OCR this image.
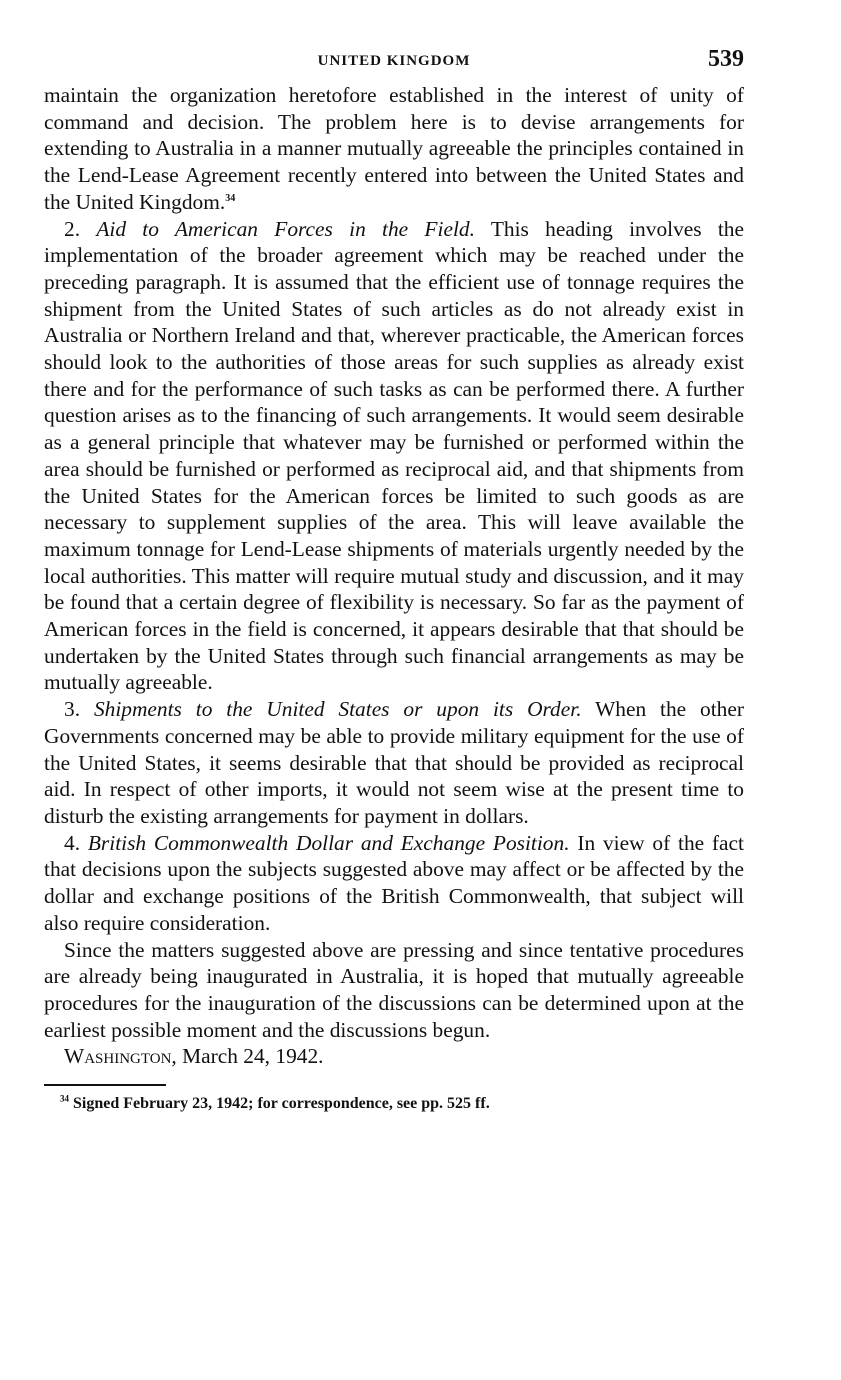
UNITED KINGDOM	539

maintain the organization heretofore established in the interest of unity of command and decision. The problem here is to devise arrangements for extending to Australia in a manner mutually agreeable the principles contained in the Lend-Lease Agreement recently entered into between the United States and the United Kingdom.$^{34}$

2. Aid to American Forces in the Field. This heading involves the implementation of the broader agreement which may be reached under the preceding paragraph. It is assumed that the efficient use of tonnage requires the shipment from the United States of such articles as do not already exist in Australia or Northern Ireland and that, wherever practicable, the American forces should look to the authorities of those areas for such supplies as already exist there and for the performance of such tasks as can be performed there. A further question arises as to the financing of such arrangements. It would seem desirable as a general principle that whatever may be furnished or performed within the area should be furnished or performed as reciprocal aid, and that shipments from the United States for the American forces be limited to such goods as are necessary to supplement supplies of the area. This will leave available the maximum tonnage for Lend-Lease shipments of materials urgently needed by the local authorities. This matter will require mutual study and discussion, and it may be found that a certain degree of flexibility is necessary. So far as the payment of American forces in the field is concerned, it appears desirable that that should be undertaken by the United States through such financial arrangements as may be mutually agreeable.

3. Shipments to the United States or upon its Order. When the other Governments concerned may be able to provide military equipment for the use of the United States, it seems desirable that that should be provided as reciprocal aid. In respect of other imports, it would not seem wise at the present time to disturb the existing arrangements for payment in dollars.

4. British Commonwealth Dollar and Exchange Position. In view of the fact that decisions upon the subjects suggested above may affect or be affected by the dollar and exchange positions of the British Commonwealth, that subject will also require consideration.

Since the matters suggested above are pressing and since tentative procedures are already being inaugurated in Australia, it is hoped that mutually agreeable procedures for the inauguration of the discussions can be determined upon at the earliest possible moment and the discussions begun.

Washington, March 24, 1942.

$^{34}$ Signed February 23, 1942; for correspondence, see pp. 525 ff.
